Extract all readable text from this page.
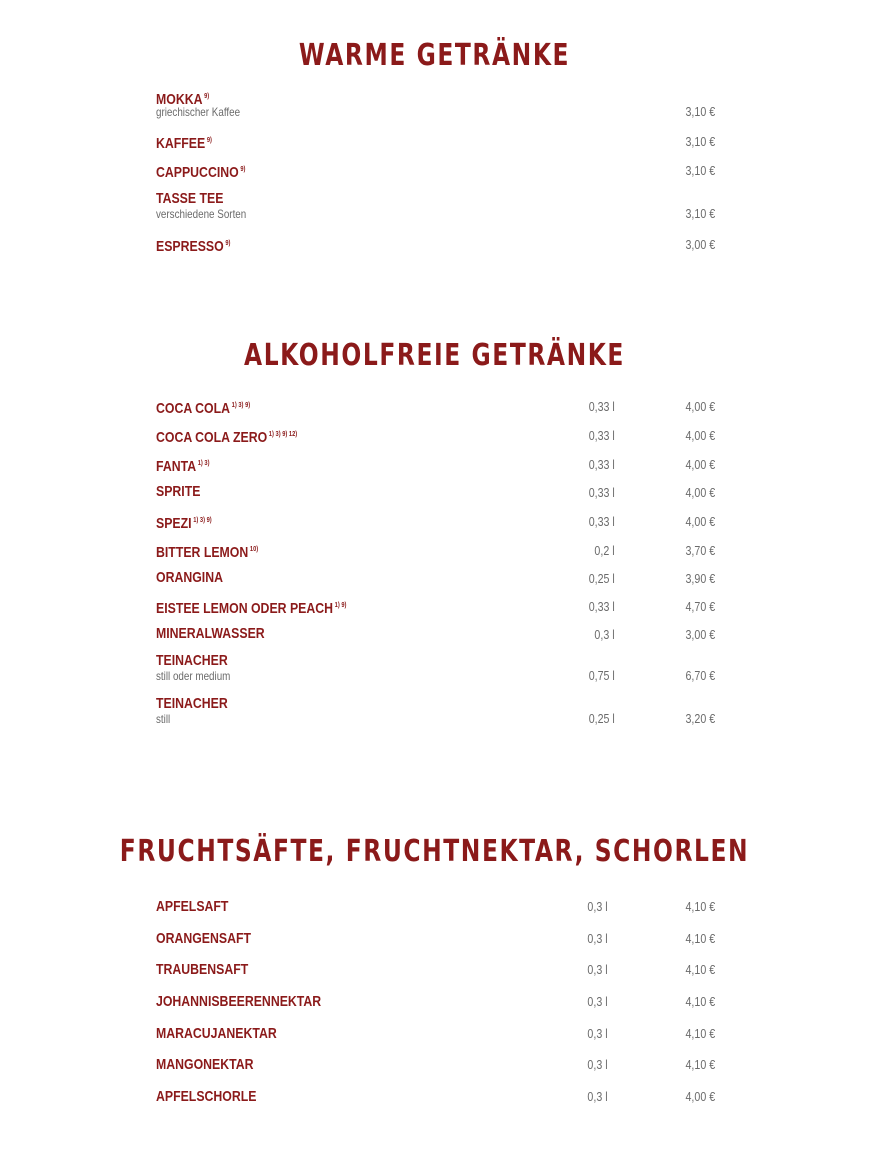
WARME GETRÄNKE
MOKKA $^{9)}$
griechischer Kaffee	3,10 €
KAFFEE $^{9)}$	3,10 €
CAPPUCCINO $^{9)}$	3,10 €
TASSE TEE
verschiedene Sorten	3,10 €
ESPRESSO $^{9)}$	3,00 €
ALKOHOLFREIE GETRÄNKE
COCA COLA $^{1) 3) 9)}$	0,33 l	4,00 €
COCA COLA ZERO $^{1) 3) 9) 12)}$	0,33 l	4,00 €
FANTA $^{1) 3)}$	0,33 l	4,00 €
SPRITE	0,33 l	4,00 €
SPEZI $^{1) 3) 9)}$	0,33 l	4,00 €
BITTER LEMON $^{10)}$	0,2 l	3,70 €
ORANGINA	0,25 l	3,90 €
EISTEE LEMON ODER PEACH $^{1) 9)}$	0,33 l	4,70 €
MINERALWASSER	0,3 l	3,00 €
TEINACHER
still oder medium	0,75 l	6,70 €
TEINACHER
still	0,25 l	3,20 €
FRUCHTSÄFTE, FRUCHTNEKTAR, SCHORLEN
APFELSAFT	0,3 l	4,10 €
ORANGENSAFT	0,3 l	4,10 €
TRAUBENSAFT	0,3 l	4,10 €
JOHANNISBEERENNEKTAR	0,3 l	4,10 €
MARACUJANEKTAR	0,3 l	4,10 €
MANGONEKTAR	0,3 l	4,10 €
APFELSCHORLE	0,3 l	4,00 €
